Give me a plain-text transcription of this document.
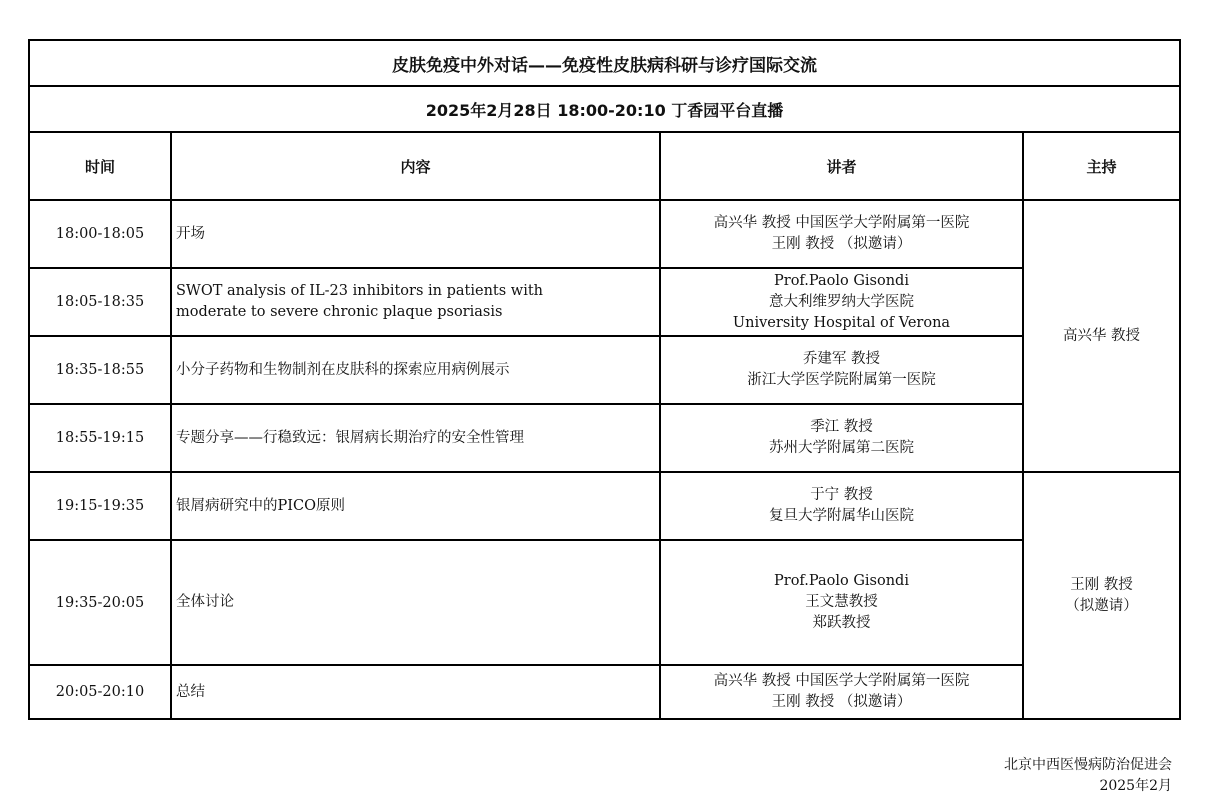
皮肤免疫中外对话——免疫性皮肤病科研与诊疗国际交流			
2025年2月28日 18:00-20:10 丁香园平台直播			
时间	内容	讲者	主持
18:00-18:05	开场	高兴华 教授 中国医学大学附属第一医院
王刚 教授 （拟邀请）	高兴华 教授

18:05-18:35	SWOT analysis of IL-23 inhibitors in patients with
moderate to severe chronic plaque psoriasis	Prof.Paolo Gisondi
意大利维罗纳大学医院
University Hospital of Verona	

18:35-18:55	小分子药物和生物制剂在皮肤科的探索应用病例展示	乔建军 教授
浙江大学医学院附属第一医院	

18:55-19:15	专题分享——行稳致远：银屑病长期治疗的安全性管理	季江 教授
苏州大学附属第二医院	

19:15-19:35	银屑病研究中的PICO原则	于宁 教授
复旦大学附属华山医院	王刚 教授
（拟邀请）

19:35-20:05	全体讨论	Prof.Paolo Gisondi
王文慧教授
郑跃教授	

20:05-20:10	总结	高兴华 教授 中国医学大学附属第一医院
王刚 教授 （拟邀请）	
北京中西医慢病防治促进会
2025年2月
